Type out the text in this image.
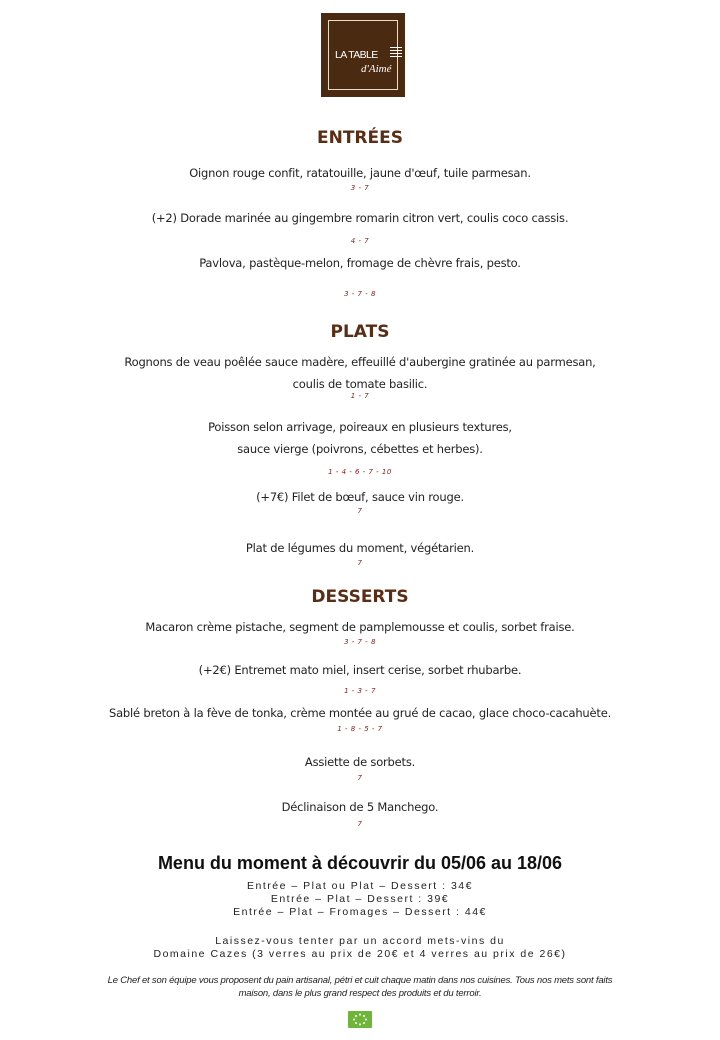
LA TABLE
d'Aimé
ENTRÉES
Oignon rouge confit, ratatouille, jaune d'œuf, tuile parmesan.
3 - 7
(+2) Dorade marinée au gingembre romarin citron vert, coulis coco cassis.
4 - 7
Pavlova, pastèque-melon, fromage de chèvre frais, pesto.
3 - 7 - 8
PLATS
Rognons de veau poêlée sauce madère, effeuillé d'aubergine gratinée au parmesan,
coulis de tomate basilic.
1 - 7
Poisson selon arrivage, poireaux en plusieurs textures,
sauce vierge (poivrons, cébettes et herbes).
1 - 4 - 6 - 7 - 10
(+7€) Filet de bœuf, sauce vin rouge.
7
Plat de légumes du moment, végétarien.
7
DESSERTS
Macaron crème pistache, segment de pamplemousse et coulis, sorbet fraise.
3 - 7 - 8
(+2€) Entremet mato miel, insert cerise, sorbet rhubarbe.
1 - 3 - 7
Sablé breton à la fève de tonka, crème montée au grué de cacao, glace choco-cacahuète.
1 - 8 - 5 - 7
Assiette de sorbets.
7
Déclinaison de 5 Manchego.
7
Menu du moment à découvrir du 05/06 au 18/06
Entrée – Plat ou Plat – Dessert : 34€
Entrée – Plat – Dessert : 39€
Entrée – Plat – Fromages – Dessert : 44€
Laissez-vous tenter par un accord mets-vins du
Domaine Cazes (3 verres au prix de 20€ et 4 verres au prix de 26€)
Le Chef et son équipe vous proposent du pain artisanal, pétri et cuit chaque matin dans nos cuisines. Tous nos mets sont faits
maison, dans le plus grand respect des produits et du terroir.
